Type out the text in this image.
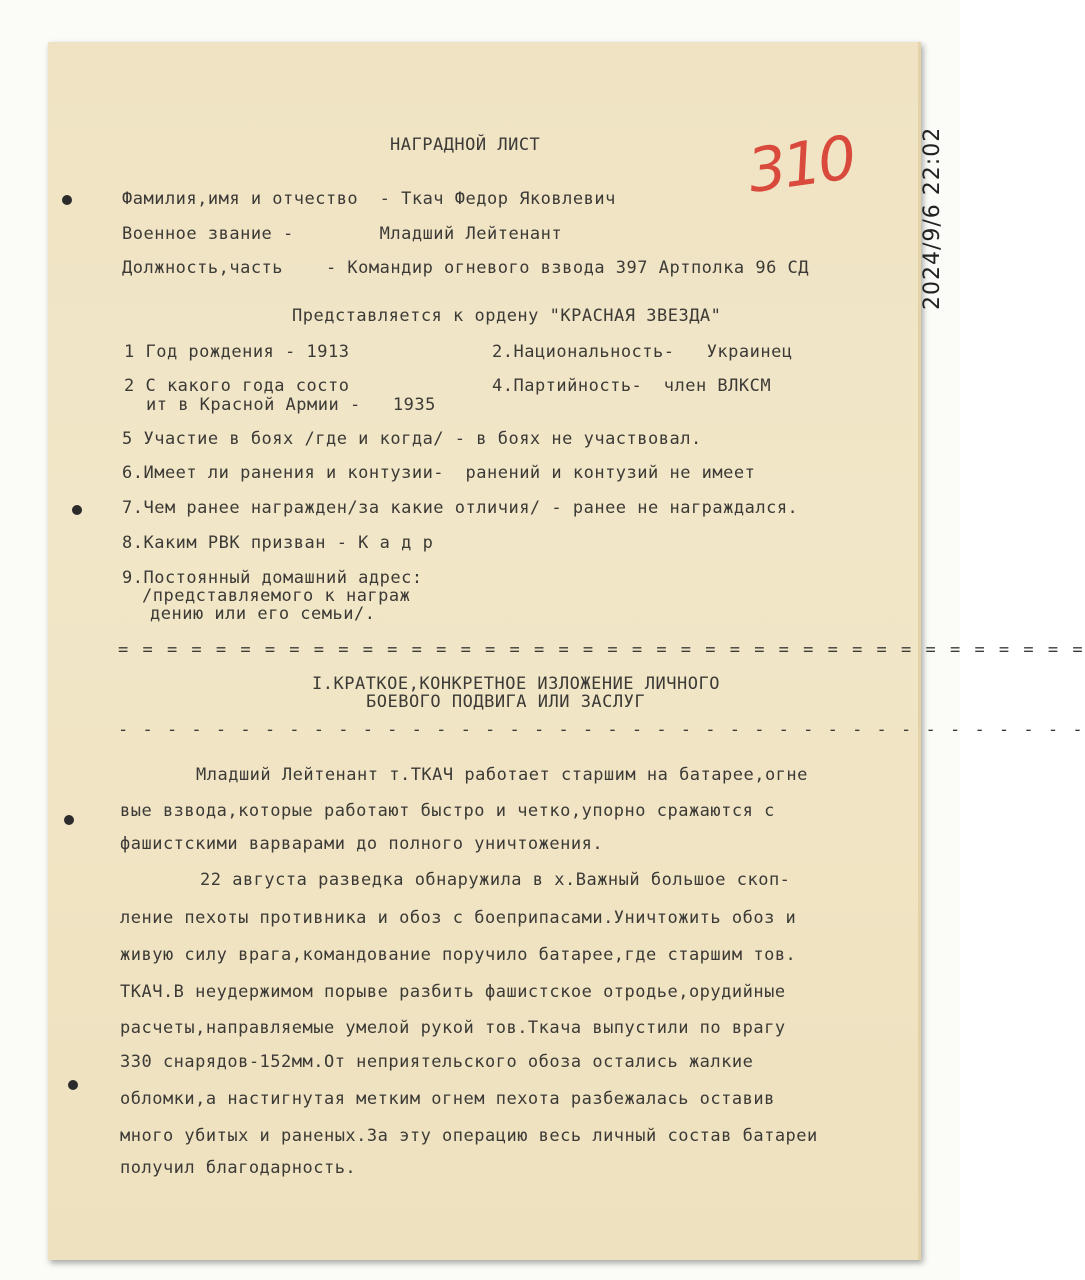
2024/9/6 22:02
310
НАГРАДНОЙ ЛИСТ
Фамилия,имя и отчество  - Ткач Федор Яковлевич
Военное звание -        Младший Лейтенант
Должность,часть    - Командир огневого взвода 397 Артполка 96 СД
Представляется к ордену "КРАСНАЯ ЗВЕЗДА"
1 Год рождения - 1913	2.Национальность-   Украинец
2 С какого года состо
ит в Красной Армии -   1935
4.Партийность-  член ВЛКСМ
5 Участие в боях /где и когда/ - в боях не участвовал.
6.Имеет ли ранения и контузии-  ранений и контузий не имеет
7.Чем ранее награжден/за какие отличия/ - ранее не награждался.
8.Каким РВК призван - К а д р
9.Постоянный домашний адрес:
/представляемого к нагpаж
дению или его семьи/.
= = = = = = = = = = = = = = = = = = = = = = = = = = = = = = = = = = = = = = = =
I.КРАТКОЕ,КОНКРЕТНОЕ ИЗЛОЖЕНИЕ ЛИЧНОГО
БОЕВОГО ПОДВИГА ИЛИ ЗАСЛУГ
- - - - - - - - - - - - - - - - - - - - - - - - - - - - - - - - - - - - - - - -
Младший Лейтенант т.ТКАЧ работает старшим на батарее,огне
вые взвода,которые работают быстро и четко,упорно сражаются с
фашистскими варварами до полного уничтожения.
22 августа разведка обнаружила в х.Важный большое скоп-
ление пехоты противника и обоз с боеприпасами.Уничтожить обоз и
живую силу врага,командование поручило батарее,где старшим тов.
ТКАЧ.В неудержимом порыве разбить фашистское отродье,орудийные
расчеты,направляемые умелой рукой тов.Ткача выпустили по врагу
330 снарядов-152мм.От неприятельского обоза остались жалкие
обломки,а настигнутая метким огнем пехота разбежалась оставив
много убитых и раненых.За эту операцию весь личный состав батареи
получил благодарность.
